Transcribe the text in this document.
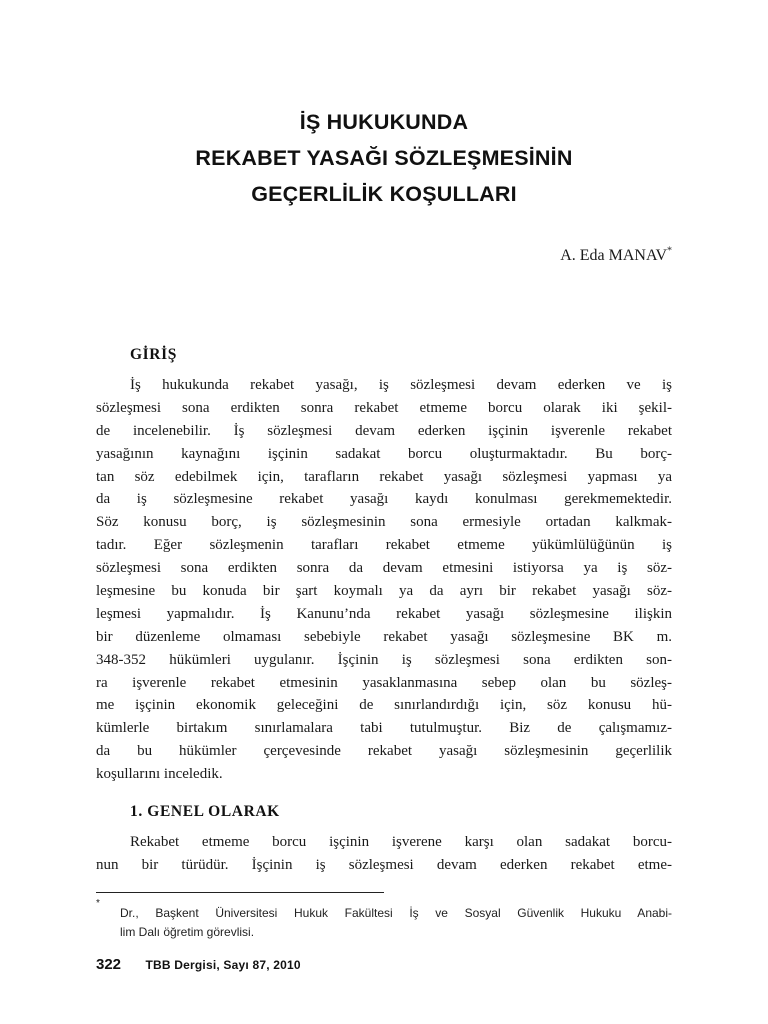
İŞ HUKUKUNDA
REKABET YASAĞI SÖZLEŞMESİNİN
GEÇERLİLİK KOŞULLARI
A. Eda MANAV*
GİRİŞ
İş hukukunda rekabet yasağı, iş sözleşmesi devam ederken ve iş
sözleşmesi sona erdikten sonra rekabet etmeme borcu olarak iki şekil-
de incelenebilir. İş sözleşmesi devam ederken işçinin işverenle rekabet
yasağının kaynağını işçinin sadakat borcu oluşturmaktadır. Bu borç-
tan söz edebilmek için, tarafların rekabet yasağı sözleşmesi yapması ya
da iş sözleşmesine rekabet yasağı kaydı konulması gerekmemektedir.
Söz konusu borç, iş sözleşmesinin sona ermesiyle ortadan kalkmak-
tadır. Eğer sözleşmenin tarafları rekabet etmeme yükümlülüğünün iş
sözleşmesi sona erdikten sonra da devam etmesini istiyorsa ya iş söz-
leşmesine bu konuda bir şart koymalı ya da ayrı bir rekabet yasağı söz-
leşmesi yapmalıdır. İş Kanunu’nda rekabet yasağı sözleşmesine ilişkin
bir düzenleme olmaması sebebiyle rekabet yasağı sözleşmesine BK m.
348-352 hükümleri uygulanır. İşçinin iş sözleşmesi sona erdikten son-
ra işverenle rekabet etmesinin yasaklanmasına sebep olan bu sözleş-
me işçinin ekonomik geleceğini de sınırlandırdığı için, söz konusu hü-
kümlerle birtakım sınırlamalara tabi tutulmuştur. Biz de çalışmamız-
da bu hükümler çerçevesinde rekabet yasağı sözleşmesinin geçerlilik
koşullarını inceledik.
1. GENEL OLARAK
Rekabet etmeme borcu işçinin işverene karşı olan sadakat borcu-
nun bir türüdür. İşçinin iş sözleşmesi devam ederken rekabet etme-
*
Dr., Başkent Üniversitesi Hukuk Fakültesi İş ve Sosyal Güvenlik Hukuku Anabi-
lim Dalı öğretim görevlisi.
322 TBB Dergisi, Sayı 87, 2010
